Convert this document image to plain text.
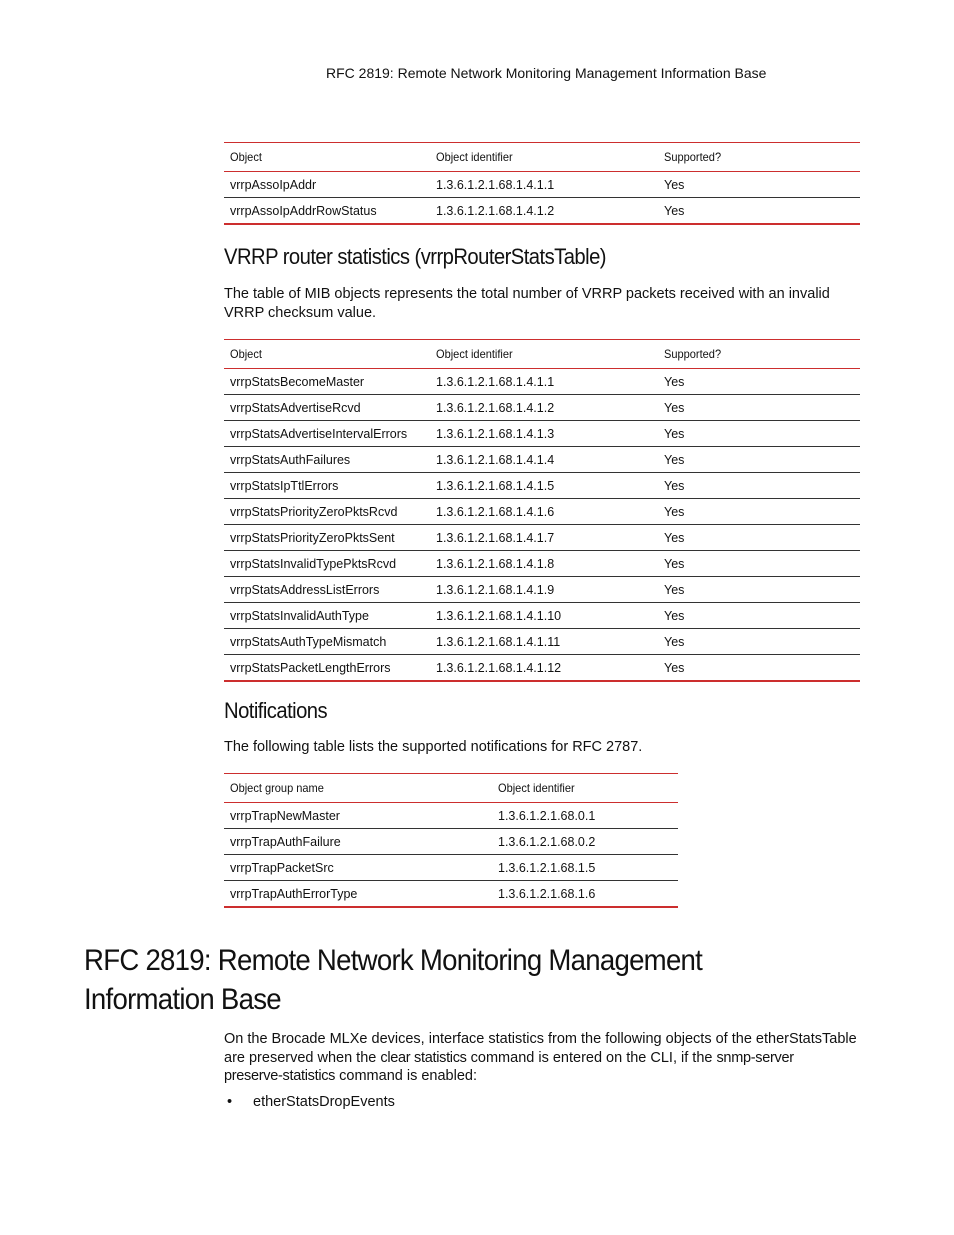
RFC 2819: Remote Network Monitoring Management Information Base
Object	Object identifier	Supported?
vrrpAssoIpAddr	1.3.6.1.2.1.68.1.4.1.1	Yes
vrrpAssoIpAddrRowStatus	1.3.6.1.2.1.68.1.4.1.2	Yes
VRRP router statistics (vrrpRouterStatsTable)

The table of MIB objects represents the total number of VRRP packets received with an invalid
VRRP checksum value.

Object	Object identifier	Supported?
vrrpStatsBecomeMaster	1.3.6.1.2.1.68.1.4.1.1	Yes
vrrpStatsAdvertiseRcvd	1.3.6.1.2.1.68.1.4.1.2	Yes
vrrpStatsAdvertiseIntervalErrors	1.3.6.1.2.1.68.1.4.1.3	Yes
vrrpStatsAuthFailures	1.3.6.1.2.1.68.1.4.1.4	Yes
vrrpStatsIpTtlErrors	1.3.6.1.2.1.68.1.4.1.5	Yes
vrrpStatsPriorityZeroPktsRcvd	1.3.6.1.2.1.68.1.4.1.6	Yes
vrrpStatsPriorityZeroPktsSent	1.3.6.1.2.1.68.1.4.1.7	Yes
vrrpStatsInvalidTypePktsRcvd	1.3.6.1.2.1.68.1.4.1.8	Yes
vrrpStatsAddressListErrors	1.3.6.1.2.1.68.1.4.1.9	Yes
vrrpStatsInvalidAuthType	1.3.6.1.2.1.68.1.4.1.10	Yes
vrrpStatsAuthTypeMismatch	1.3.6.1.2.1.68.1.4.1.11	Yes
vrrpStatsPacketLengthErrors	1.3.6.1.2.1.68.1.4.1.12	Yes
Notifications

The following table lists the supported notifications for RFC 2787.

Object group name	Object identifier
vrrpTrapNewMaster	1.3.6.1.2.1.68.0.1
vrrpTrapAuthFailure	1.3.6.1.2.1.68.0.2
vrrpTrapPacketSrc	1.3.6.1.2.1.68.1.5
vrrpTrapAuthErrorType	1.3.6.1.2.1.68.1.6
RFC 2819: Remote Network Monitoring Management
Information Base

On the Brocade MLXe devices, interface statistics from the following objects of the etherStatsTable
are preserved when the clear statistics command is entered on the CLI, if the snmp-server
preserve-statistics command is enabled:

• etherStatsDropEvents
